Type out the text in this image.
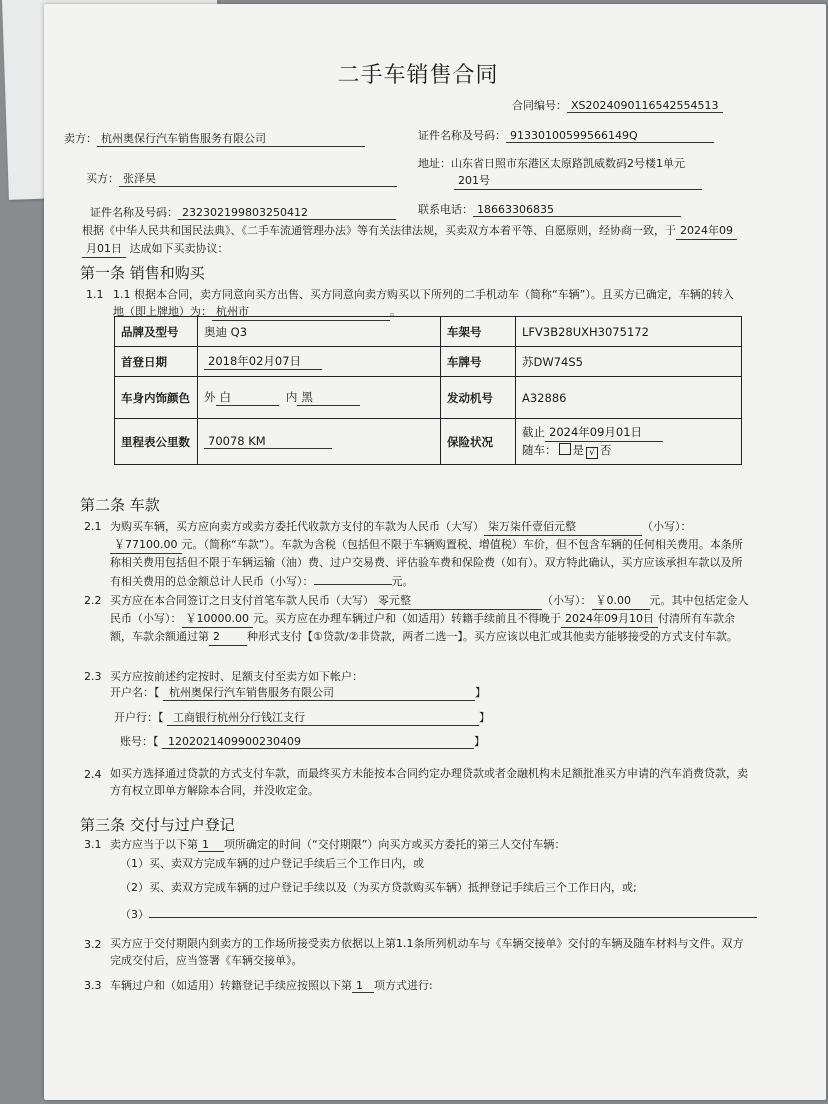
二手车销售合同
合同编号： XS2024090116542554513
卖方： 杭州奥保行汽车销售服务有限公司	证件名称及号码： 91330100599566149Q
买方： 张泽昊
地址：山东省日照市东港区太原路凯威数码2号楼1单元
201号
证件名称及号码： 232302199803250412	联系电话： 18663306835
根据《中华人民共和国民法典》、《二手车流通管理办法》等有关法律法规，买卖双方本着平等、自愿原则，经协商一致，于 2024年09
月01日 达成如下买卖协议：
第一条 销售和购买
1.1 1.1 根据本合同，卖方同意向买方出售、买方同意向卖方购买以下所列的二手机动车（简称“车辆”）。且买方已确定，车辆的转入
地（即上牌地）为： 杭州市	。
品牌及型号	奥迪 Q3	车架号	LFV3B28UXH3075172
首登日期	2018年02月07日	车牌号	苏DW74S5
车身内饰颜色	外 白 内 黑	发动机号	A32886
里程表公里数	70078 KM	保险状况	截止 2024年09月01日
随车： 是 √ 否
第二条 车款
2.1 为购买车辆，买方应向卖方或卖方委托代收款方支付的车款为人民币（大写） 柒万柒仟壹佰元整	（小写）： ￥77100.00 元。（简称“车款”）。车款为含税（包括但不限于车辆购置税、增值税）车价，但不包含车辆的任何相关费用。本条所称相关费用包括但不限于车辆运输（油）费、过户交易费、评估验车费和保险费（如有）。双方特此确认，买方应该承担车款以及所有相关费用的总金额总计人民币（小写）：	元。
2.2 买方应在本合同签订之日支付首笔车款人民币（大写） 零元整	（小写）： ￥0.00 元。其中包括定金人民币（小写）： ￥10000.00 元。买方应在办理车辆过户和（如适用）转籍手续前且不得晚于 2024年09月10日 付清所有车款余额，车款余额通过第 2 种形式支付【①贷款/②非贷款，两者二选一】。买方应该以电汇或其他卖方能够接受的方式支付车款。
2.3 买方应按前述约定按时、足额支付至卖方如下帐户：
开户名：【 杭州奥保行汽车销售服务有限公司	】
开户行：【 工商银行杭州分行钱江支行	】
账号：【 1202021409900230409	】
2.4 如买方选择通过贷款的方式支付车款，而最终买方未能按本合同约定办理贷款或者金融机构未足额批准买方申请的汽车消费贷款，卖方有权立即单方解除本合同，并没收定金。
第三条 交付与过户登记
3.1 卖方应当于以下第 1 项所确定的时间（“交付期限”）向买方或买方委托的第三人交付车辆：
（1）买、卖双方完成车辆的过户登记手续后三个工作日内，或
（2）买、卖双方完成车辆的过户登记手续以及（为买方贷款购买车辆）抵押登记手续后三个工作日内，或;
（3）
3.2 买方应于交付期限内到卖方的工作场所接受卖方依据以上第1.1条所列机动车与《车辆交接单》交付的车辆及随车材料与文件。双方完成交付后，应当签署《车辆交接单》。
3.3 车辆过户和（如适用）转籍登记手续应按照以下第 1 项方式进行:
